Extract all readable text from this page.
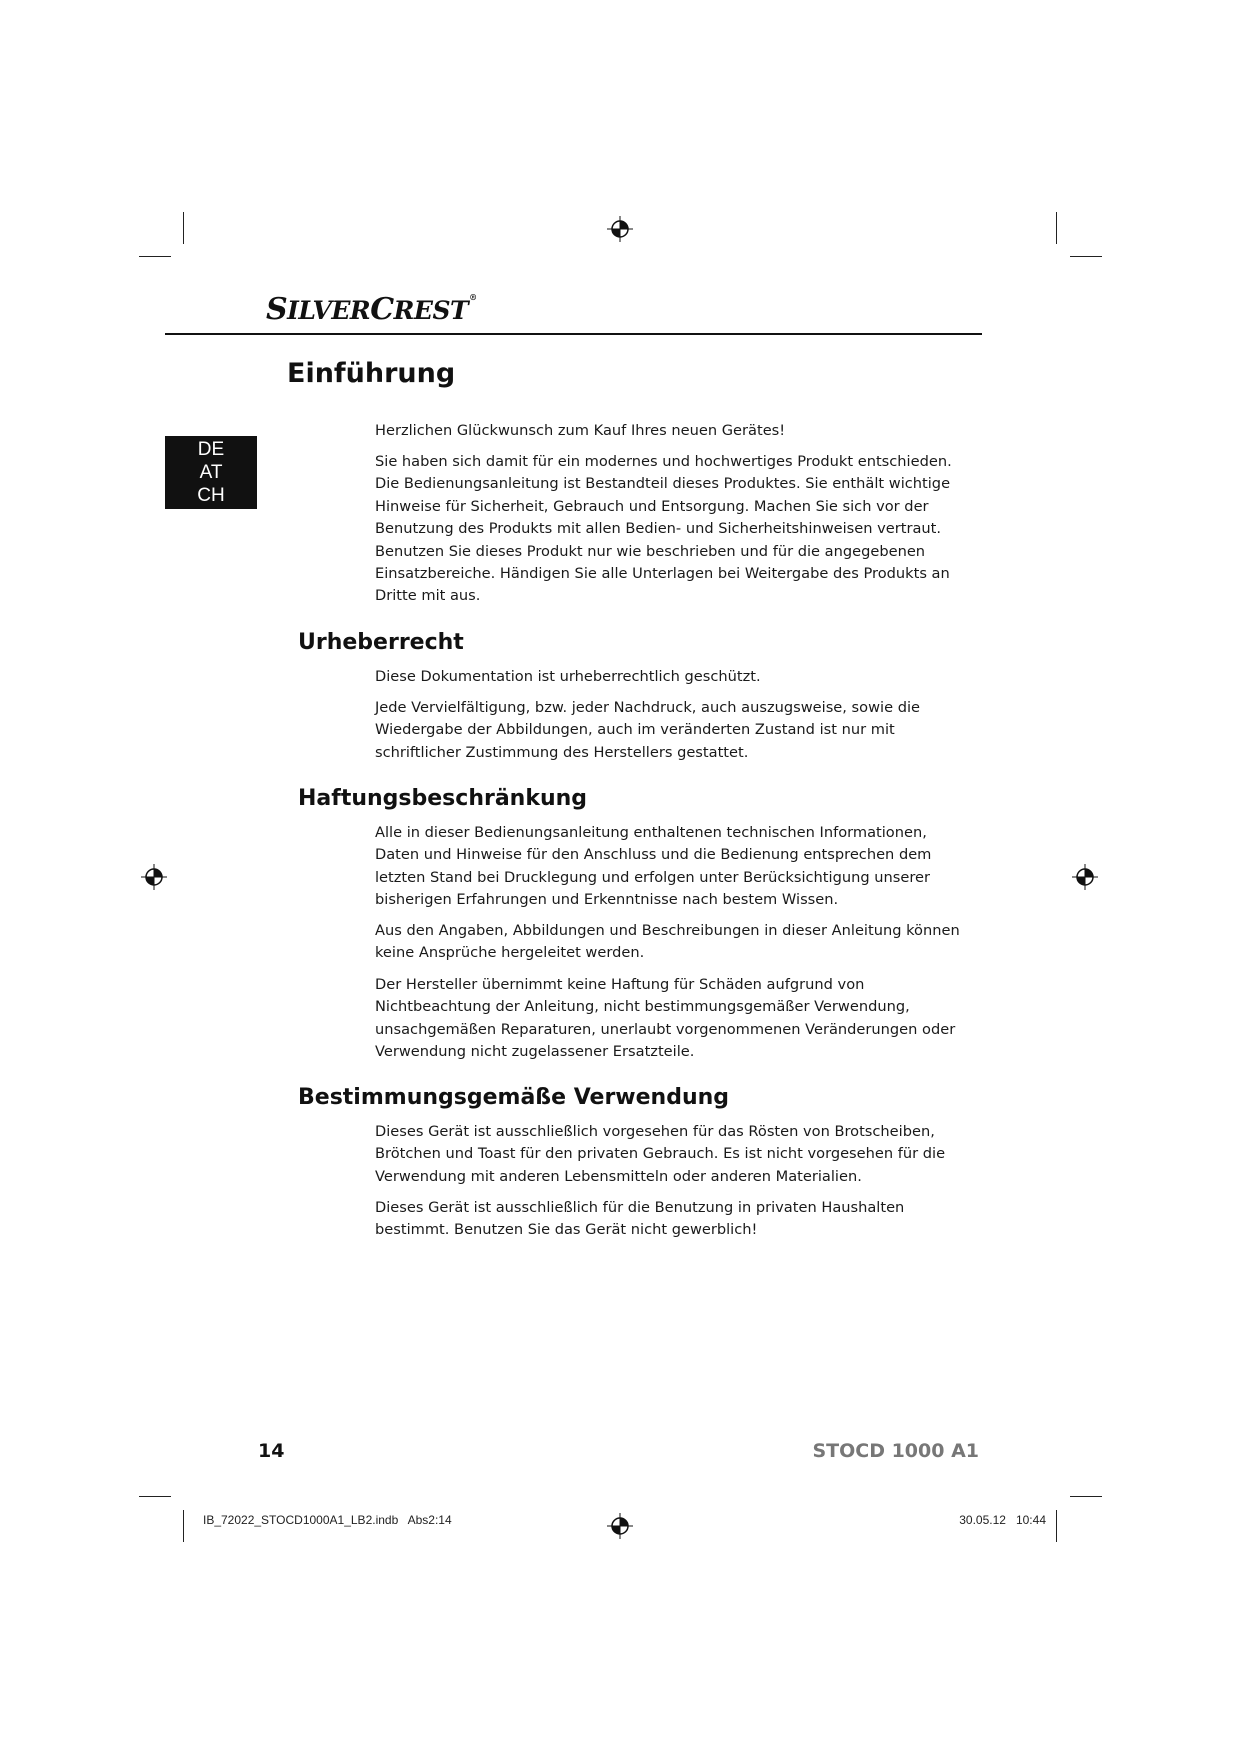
SILVERCREST®
DE
AT
CH
Einführung

Herzlichen Glückwunsch zum Kauf Ihres neuen Gerätes!

Sie haben sich damit für ein modernes und hochwertiges Produkt entschieden. Die Bedienungsanleitung ist Bestandteil dieses Produktes. Sie enthält wichtige Hinweise für Sicherheit, Gebrauch und Entsorgung. Machen Sie sich vor der Benutzung des Produkts mit allen Bedien- und Sicherheitshinweisen vertraut. Benutzen Sie dieses Produkt nur wie beschrieben und für die angegebenen Einsatzbereiche. Händigen Sie alle Unterlagen bei Weitergabe des Produkts an Dritte mit aus.

Urheberrecht

Diese Dokumentation ist urheberrechtlich geschützt.

Jede Vervielfältigung, bzw. jeder Nachdruck, auch auszugsweise, sowie die Wiedergabe der Abbildungen, auch im veränderten Zustand ist nur mit schriftlicher Zustimmung des Herstellers gestattet.

Haftungsbeschränkung

Alle in dieser Bedienungsanleitung enthaltenen technischen Informationen, Daten und Hinweise für den Anschluss und die Bedienung entsprechen dem letzten Stand bei Drucklegung und erfolgen unter Berücksichtigung unserer bisherigen Erfahrungen und Erkenntnisse nach bestem Wissen.

Aus den Angaben, Abbildungen und Beschreibungen in dieser Anleitung können keine Ansprüche hergeleitet werden.

Der Hersteller übernimmt keine Haftung für Schäden aufgrund von Nichtbeachtung der Anleitung, nicht bestimmungsgemäßer Verwendung, unsachgemäßen Reparaturen, unerlaubt vorgenommenen Veränderungen oder Verwendung nicht zugelassener Ersatzteile.

Bestimmungsgemäße Verwendung

Dieses Gerät ist ausschließlich vorgesehen für das Rösten von Brotscheiben, Brötchen und Toast für den privaten Gebrauch. Es ist nicht vorgesehen für die Verwendung mit anderen Lebensmitteln oder anderen Materialien.

Dieses Gerät ist ausschließlich für die Benutzung in privaten Haushalten bestimmt. Benutzen Sie das Gerät nicht gewerblich!

14	STOCD 1000 A1
IB_72022_STOCD1000A1_LB2.indb   Abs2:14	30.05.12   10:44
